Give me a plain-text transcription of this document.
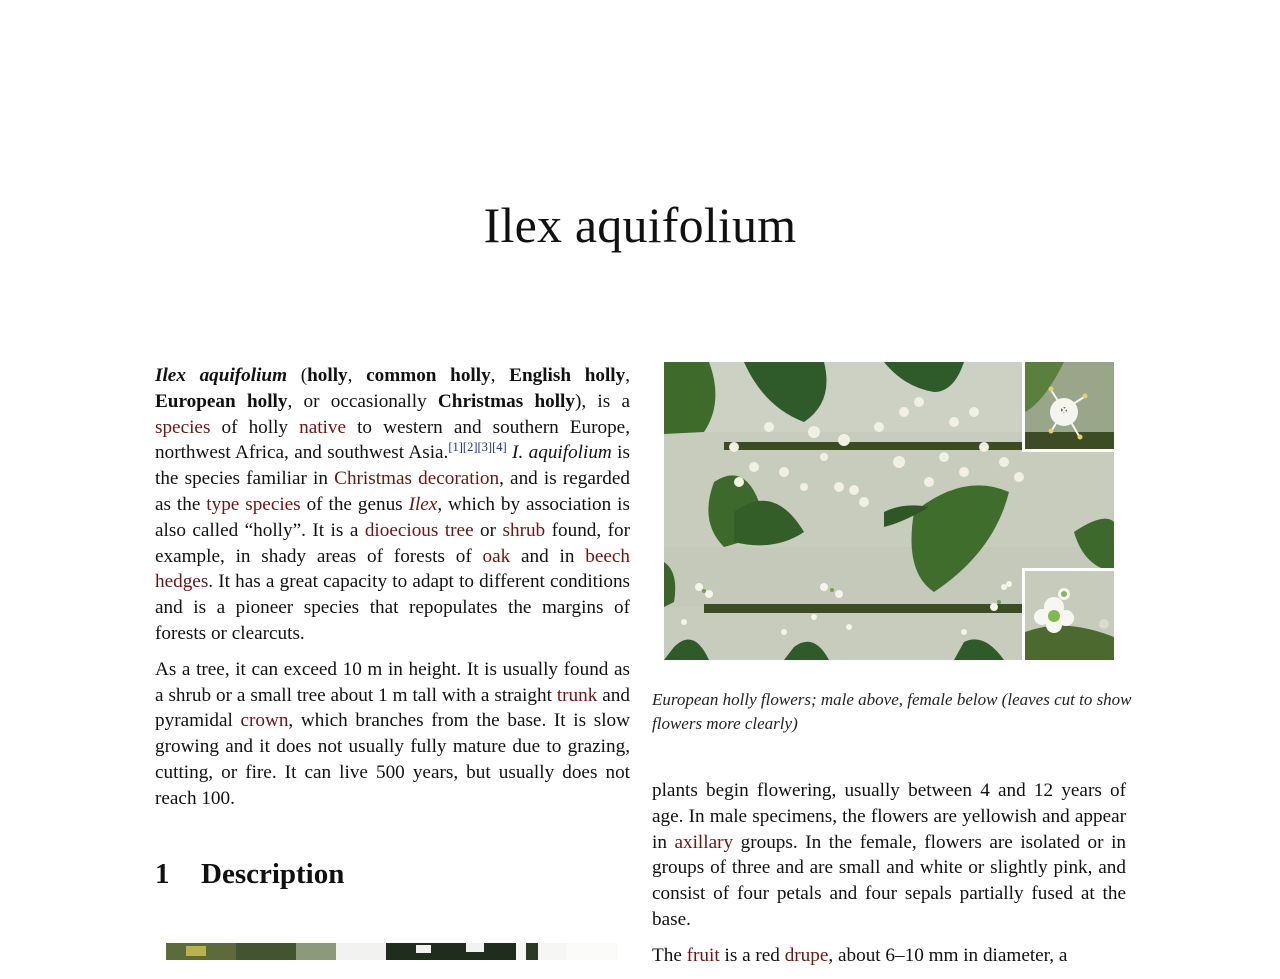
Ilex aquifolium

Ilex aquifolium (holly, common holly, English holly, European holly, or occasionally Christmas holly), is a species of holly native to western and southern Europe, northwest Africa, and southwest Asia.[1][2][3][4] I. aquifolium is the species familiar in Christmas decoration, and is regarded as the type species of the genus Ilex, which by association is also called “holly”. It is a dioecious tree or shrub found, for example, in shady areas of forests of oak and in beech hedges. It has a great capacity to adapt to different conditions and is a pioneer species that repopulates the margins of forests or clearcuts.

As a tree, it can exceed 10 m in height. It is usually found as a shrub or a small tree about 1 m tall with a straight trunk and pyramidal crown, which branches from the base. It is slow growing and it does not usually fully mature due to grazing, cutting, or fire. It can live 500 years, but usually does not reach 100.

1 Description
European holly flowers; male above, female below (leaves cut to show flowers more clearly)

plants begin flowering, usually between 4 and 12 years of age. In male specimens, the flowers are yellowish and appear in axillary groups. In the female, flowers are isolated or in groups of three and are small and white or slightly pink, and consist of four petals and four sepals partially fused at the base.

The fruit is a red drupe, about 6–10 mm in diameter, a
